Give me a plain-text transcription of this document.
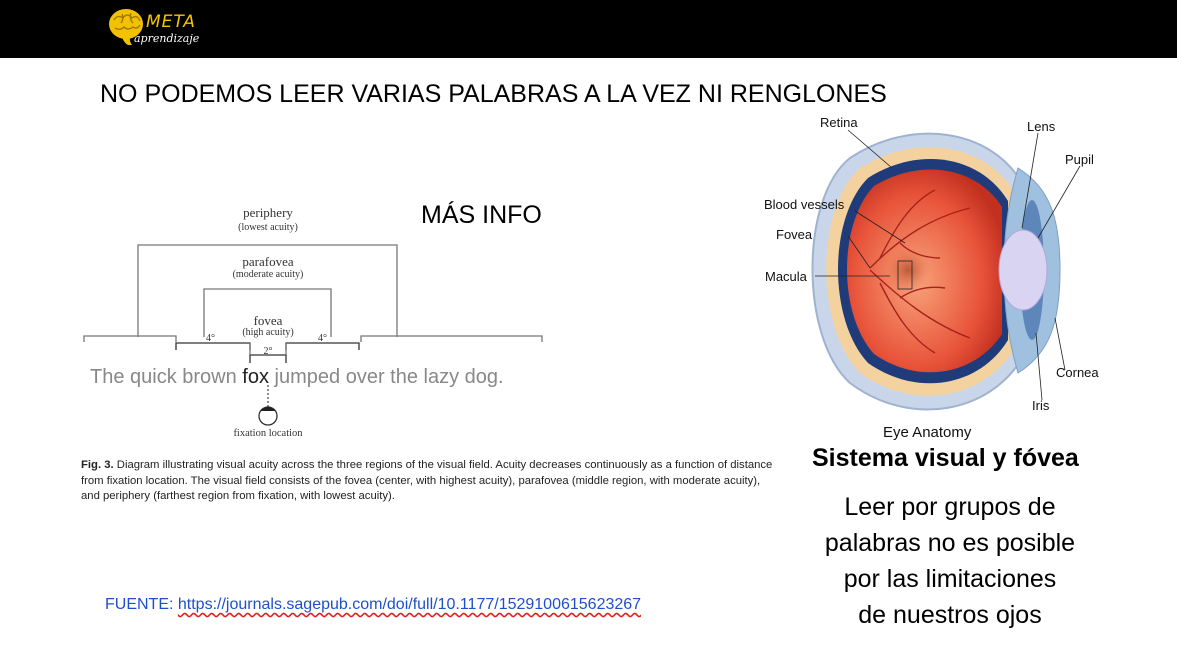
META
aprendizaje
NO PODEMOS LEER VARIAS PALABRAS A LA VEZ NI RENGLONES
periphery
(lowest acuity)
parafovea
(moderate acuity)
fovea
(high acuity)
4°	4°
2°
The quick brown fox jumped over the lazy dog.
fixation location
MÁS INFO
Fig. 3. Diagram illustrating visual acuity across the three regions of the visual field. Acuity decreases continuously as a function of distance from fixation location. The visual field consists of the fovea (center, with highest acuity), parafovea (middle region, with moderate acuity), and periphery (farthest region from fixation, with lowest acuity).
FUENTE: https://journals.sagepub.com/doi/full/10.1177/1529100615623267
Retina	Lens
Pupil
Blood vessels
Fovea
Macula
Cornea
Iris
Eye Anatomy
Sistema visual y fóvea
Leer por grupos de
palabras no es posible
por las limitaciones
de nuestros ojos
